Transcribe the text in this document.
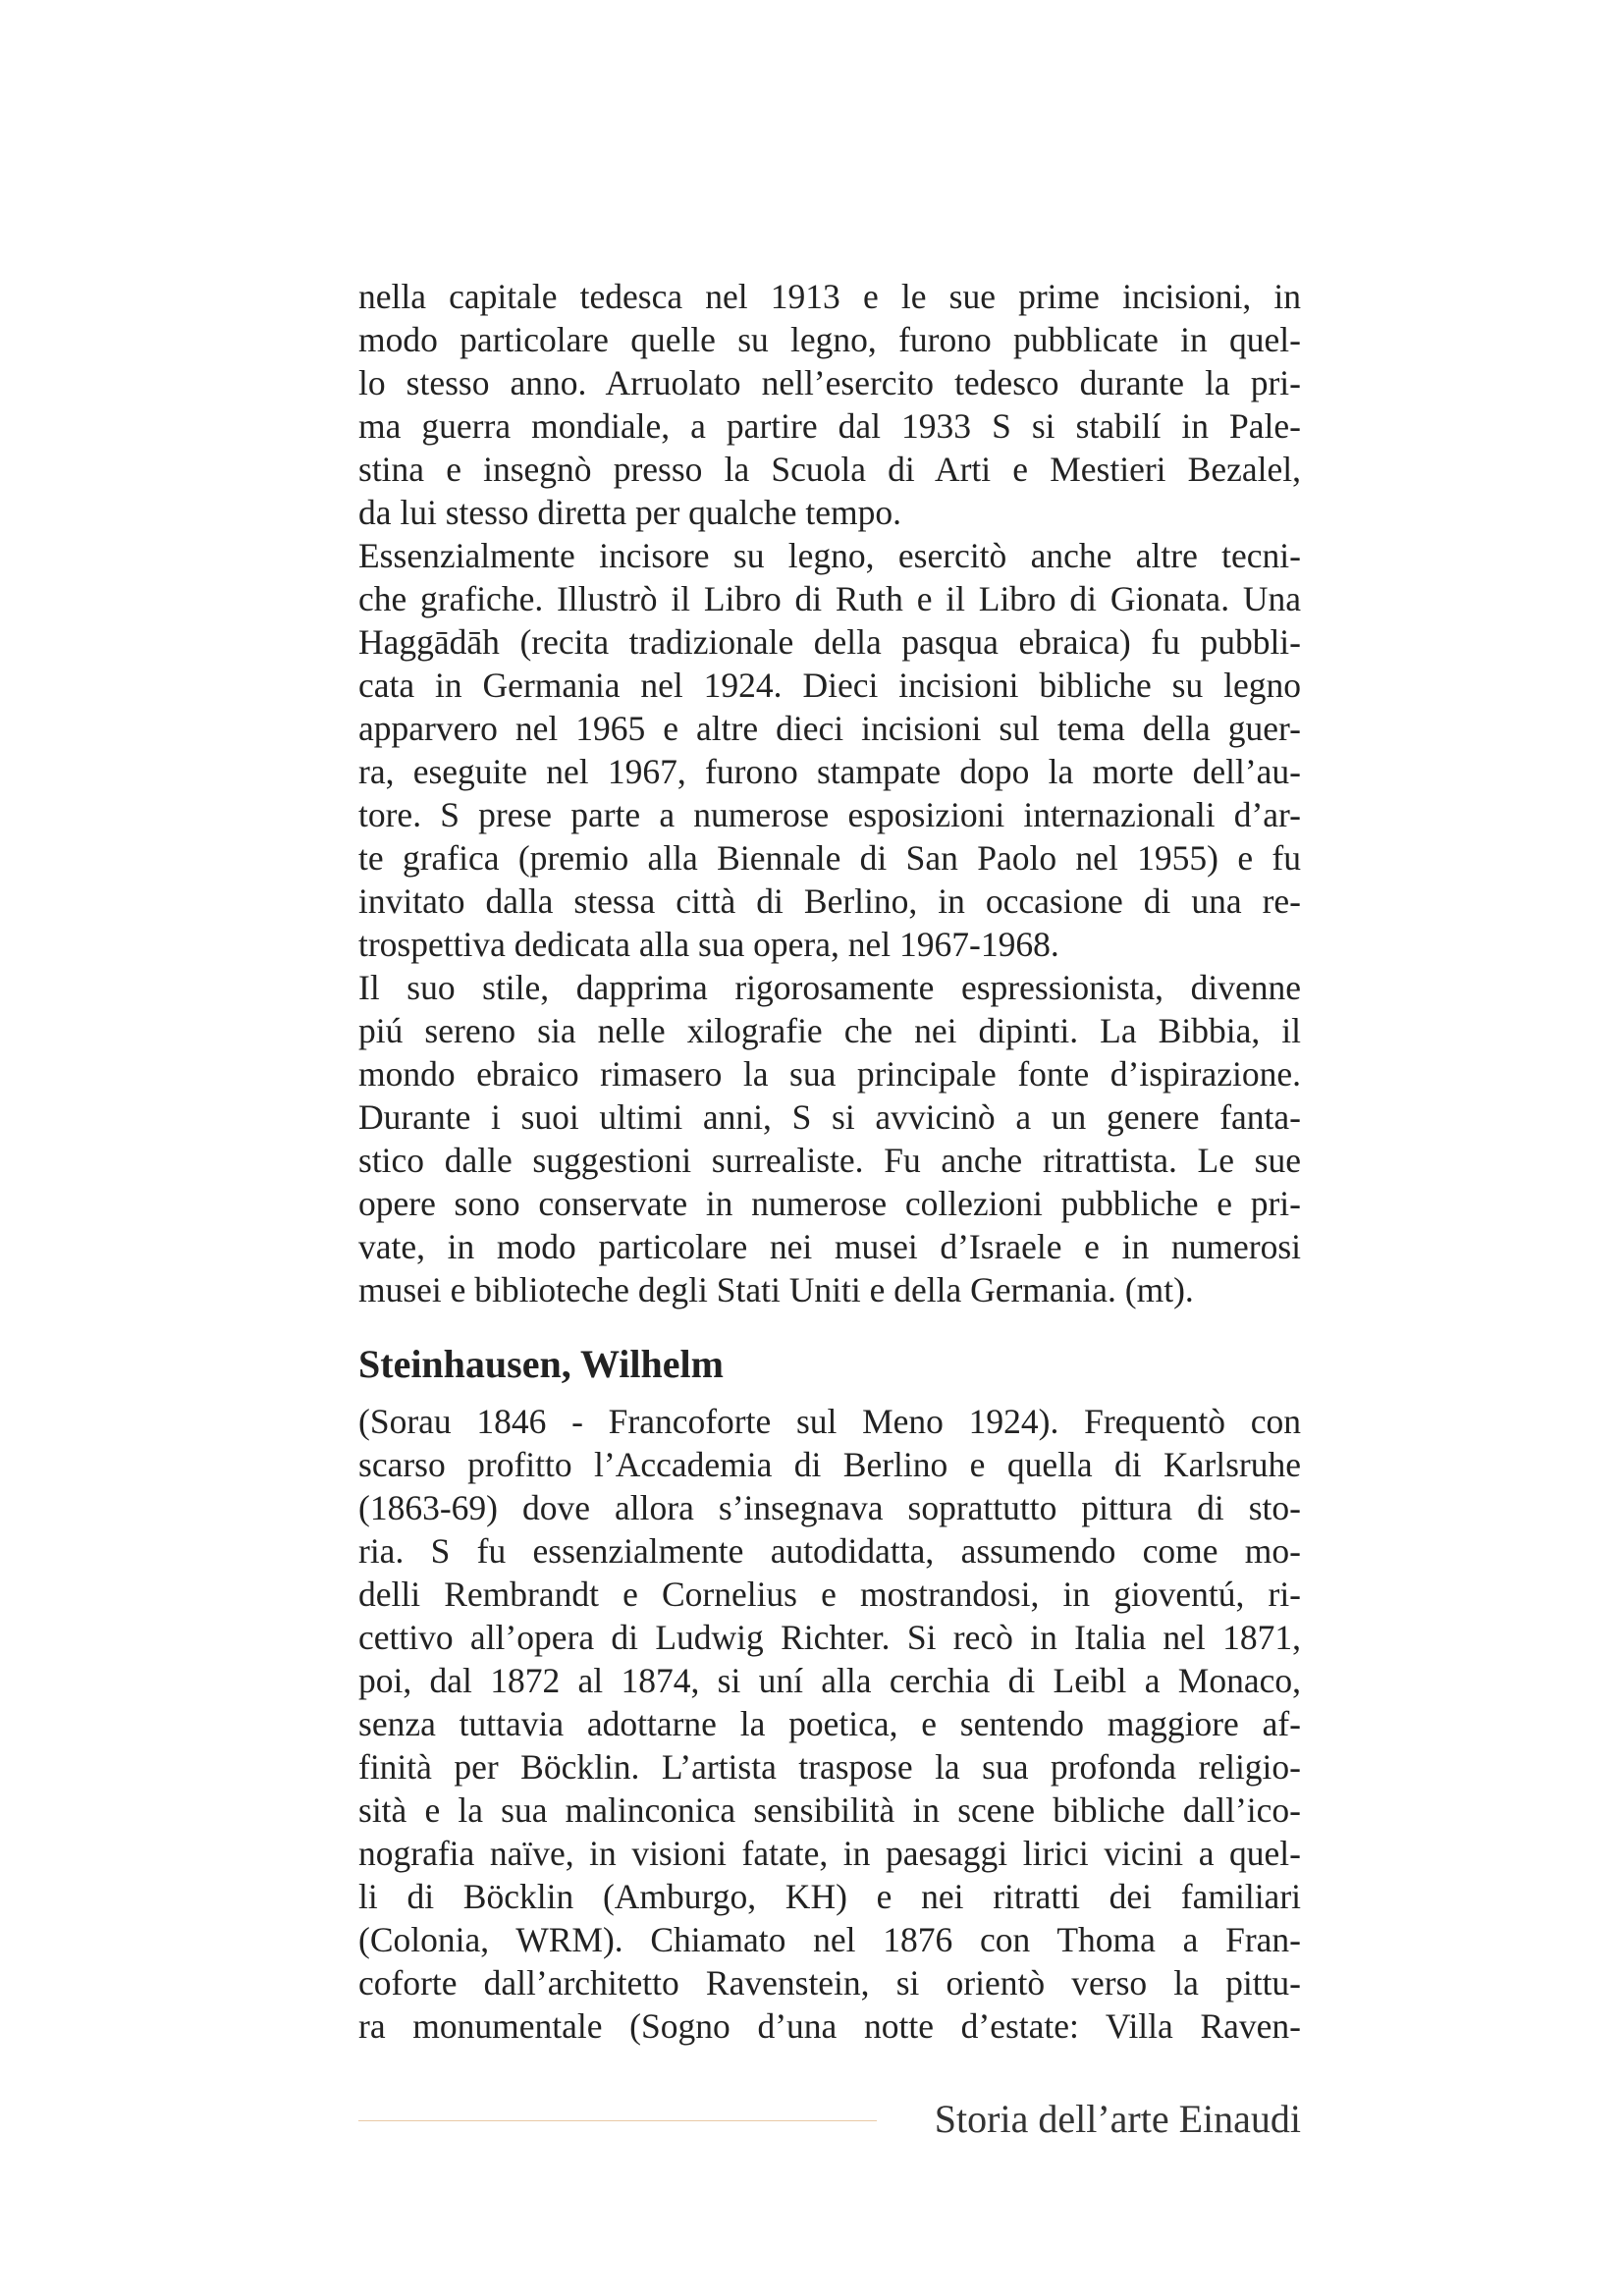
nella capitale tedesca nel 1913 e le sue prime incisioni, in
modo particolare quelle su legno, furono pubblicate in quel-
lo stesso anno. Arruolato nell’esercito tedesco durante la pri-
ma guerra mondiale, a partire dal 1933 S si stabilí in Pale-
stina e insegnò presso la Scuola di Arti e Mestieri Bezalel,
da lui stesso diretta per qualche tempo.
Essenzialmente incisore su legno, esercitò anche altre tecni-
che grafiche. Illustrò il Libro di Ruth e il Libro di Gionata. Una
Haggādāh (recita tradizionale della pasqua ebraica) fu pubbli-
cata in Germania nel 1924. Dieci incisioni bibliche su legno
apparvero nel 1965 e altre dieci incisioni sul tema della guer-
ra, eseguite nel 1967, furono stampate dopo la morte dell’au-
tore. S prese parte a numerose esposizioni internazionali d’ar-
te grafica (premio alla Biennale di San Paolo nel 1955) e fu
invitato dalla stessa città di Berlino, in occasione di una re-
trospettiva dedicata alla sua opera, nel 1967-1968.
Il suo stile, dapprima rigorosamente espressionista, divenne
piú sereno sia nelle xilografie che nei dipinti. La Bibbia, il
mondo ebraico rimasero la sua principale fonte d’ispirazione.
Durante i suoi ultimi anni, S si avvicinò a un genere fanta-
stico dalle suggestioni surrealiste. Fu anche ritrattista. Le sue
opere sono conservate in numerose collezioni pubbliche e pri-
vate, in modo particolare nei musei d’Israele e in numerosi
musei e biblioteche degli Stati Uniti e della Germania. (mt).
Steinhausen, Wilhelm
(Sorau 1846 - Francoforte sul Meno 1924). Frequentò con
scarso profitto l’Accademia di Berlino e quella di Karlsruhe
(1863-69) dove allora s’insegnava soprattutto pittura di sto-
ria. S fu essenzialmente autodidatta, assumendo come mo-
delli Rembrandt e Cornelius e mostrandosi, in gioventú, ri-
cettivo all’opera di Ludwig Richter. Si recò in Italia nel 1871,
poi, dal 1872 al 1874, si uní alla cerchia di Leibl a Monaco,
senza tuttavia adottarne la poetica, e sentendo maggiore af-
finità per Böcklin. L’artista traspose la sua profonda religio-
sità e la sua malinconica sensibilità in scene bibliche dall’ico-
nografia naïve, in visioni fatate, in paesaggi lirici vicini a quel-
li di Böcklin (Amburgo, KH) e nei ritratti dei familiari
(Colonia, WRM). Chiamato nel 1876 con Thoma a Fran-
coforte dall’architetto Ravenstein, si orientò verso la pittu-
ra monumentale (Sogno d’una notte d’estate: Villa Raven-
Storia dell’arte Einaudi
